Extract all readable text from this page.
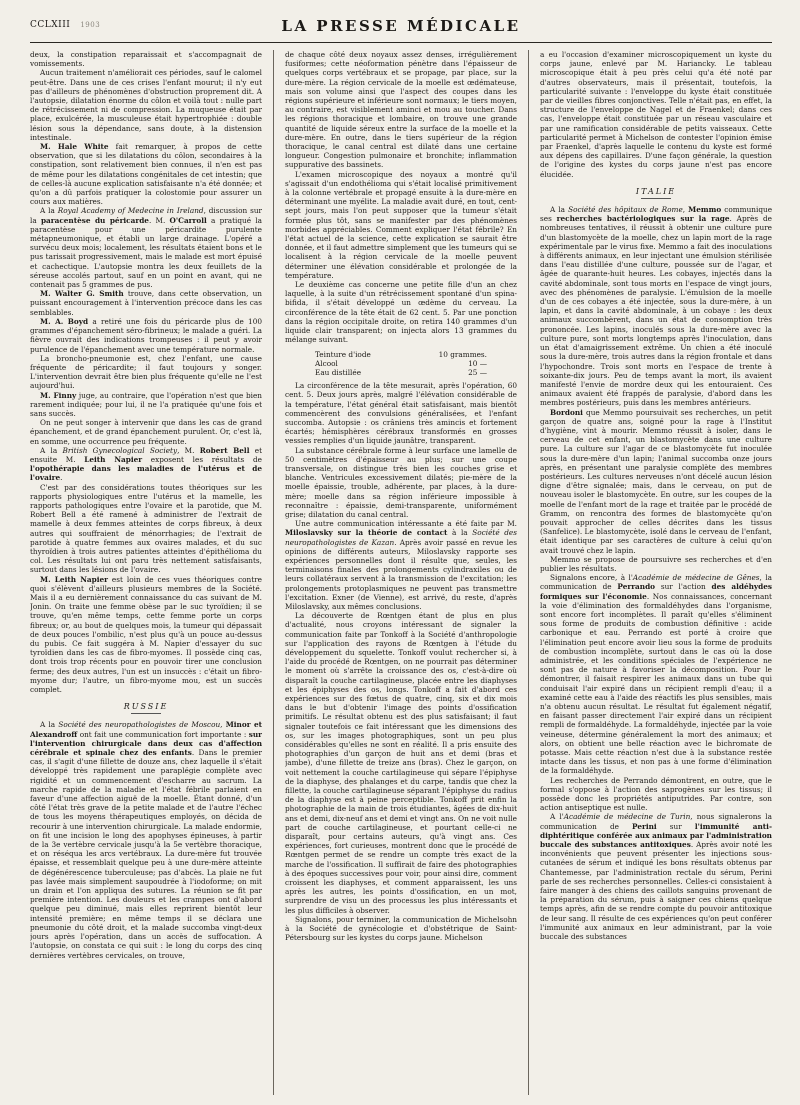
CCLXIII 1903	LA PRESSE MÉDICALE

deux, la constipation reparaissait et s'accompagnait de vomissements.

Aucun traitement n'améliorait ces périodes, sauf le calomel peut-être. Dans une de ces crises l'enfant mourut; il n'y eut pas d'ailleurs de phénomènes d'obstruction proprement dit. A l'autopsie, dilatation énorme du côlon et voilà tout : nulle part de rétrécissement ni de compression. La muqueuse était par place, exulcérée, la musculeuse était hypertrophiée : double lésion sous la dépendance, sans doute, à la distension intestinale.

M. Hale White fait remarquer, à propos de cette observation, que si les dilatations du côlon, secondaires à la constipation, sont relativement bien connues, il n'en est pas de même pour les dilatations congénitales de cet intestin; que de celles-là aucune explication satisfaisante n'a été donnée; et qu'on a dû parfois pratiquer la colostomie pour assurer un cours aux matières.

A la Royal Academy of Medecine in Ireland, discussion sur la paracentèse du péricarde. M. O'Carroll a pratiqué la paracentèse pour une péricardite purulente métapneumonique, et établi un large drainage. L'opéré a survécu deux mois; localement, les résultats étaient bons et le pus tarissait progressivement, mais le malade est mort épuisé et cachectique. L'autopsie montra les deux feuillets de la séreuse accolés partout, sauf en un point en avant, qui ne contenait pas 5 grammes de pus.

M. Walter G. Smith trouve, dans cette observation, un puissant encouragement à l'intervention précoce dans les cas semblables.

M. A. Boyd a retiré une fois du péricarde plus de 100 grammes d'épanchement séro-fibrineux; le malade a guéri. La fièvre ouvrait des indications trompeuses : il peut y avoir purulence de l'épanchement avec une température normale.

La broncho-pneumonie est, chez l'enfant, une cause fréquente de péricardite; il faut toujours y songer. L'intervention devrait être bien plus fréquente qu'elle ne l'est aujourd'hui.

M. Finny juge, au contraire, que l'opération n'est que bien rarement indiquée; pour lui, il ne l'a pratiquée qu'une fois et sans succès.

On ne peut songer à intervenir que dans les cas de grand épanchement, et de grand épanchement purulent. Or, c'est là, en somme, une occurrence peu fréquente.

A la British Gynecological Society, M. Robert Bell et ensuite M. Leith Napier exposent les résultats de l'opothérapie dans les maladies de l'utérus et de l'ovaire.

C'est par des considérations toutes théoriques sur les rapports physiologiques entre l'utérus et la mamelle, les rapports pathologiques entre l'ovaire et la parotide, que M. Robert Bell a été ramené à administrer de l'extrait de mamelle à deux femmes atteintes de corps fibreux, à deux autres qui souffraient de ménorrhagies; de l'extrait de parotide à quatre femmes aux ovaires malades, et du suc thyroïdien à trois autres patientes atteintes d'épithélioma du col. Les résultats lui ont paru très nettement satisfaisants, surtout dans les lésions de l'ovaire.

M. Leith Napier est loin de ces vues théoriques contre quoi s'élèvent d'ailleurs plusieurs membres de la Société. Mais il a eu dernièrement connaissance du cas suivant de M. Jonin. On traite une femme obèse par le suc tyroïdien; il se trouve, qu'en même temps, cette femme porte un corps fibreux; or, au bout de quelques mois, la tumeur qui dépassait de deux pouces l'ombilic, n'est plus qu'à un pouce au-dessus du pubis. Ce fait suggéra à M. Napier d'essayer du suc tyroïdien dans les cas de fibro-myomes. Il possède cinq cas, dont trois trop récents pour en pouvoir tirer une conclusion ferme; des deux autres, l'un est un insuccès : c'était un fibro-myome dur; l'autre, un fibro-myome mou, est un succès complet.

RUSSIE

A la Société des neuropathologistes de Moscou, Minor et Alexandroff ont fait une communication fort importante : sur l'intervention chirurgicale dans deux cas d'affection cérébrale et spinale chez des enfants. Dans le premier cas, il s'agit d'une fillette de douze ans, chez laquelle il s'était développé très rapidement une paraplégie complète avec rigidité et un commencement d'escharre au sacrum. La marche rapide de la maladie et l'état fébrile parlaient en faveur d'une affection aiguë de la moelle. Étant donné, d'un côté l'état très grave de la petite malade et de l'autre l'échec de tous les moyens thérapeutiques employés, on décida de recourir à une intervention chirurgicale. La malade endormie, on fit une incision le long des apophyses épineuses, à partir de la 3e vertèbre cervicale jusqu'à la 5e vertèbre thoracique, et on réséqua les arcs vertébraux. La dure-mère fut trouvée épaisse, et ressemblait quelque peu à une dure-mère atteinte de dégénérescence tuberculeuse; pas d'abcès. La plaie ne fut pas lavée mais simplement saupoudrée à l'iodoforme; on mit un drain et l'on appliqua des sutures. La réunion se fit par première intention. Les douleurs et les crampes ont d'abord quelque peu diminué, mais elles reprirent bientôt leur intensité première; en même temps il se déclara une pneumonie du côté droit, et la malade succomba vingt-deux jours après l'opération, dans un accès de suffocation. A l'autopsie, on constata ce qui suit : le long du corps des cinq dernières vertèbres cervicales, on trouve,

de chaque côté deux noyaux assez denses, irrégulièrement fusiformes; cette néoformation pénètre dans l'épaisseur de quelques corps vertébraux et se propage, par place, sur la dure-mère. La région cervicale de la moelle est œdémateuse, mais son volume ainsi que l'aspect des coupes dans les régions supérieure et inférieure sont normaux; le tiers moyen, au contraire, est visiblement aminci et mou au toucher. Dans les régions thoracique et lombaire, on trouve une grande quantité de liquide séreux entre la surface de la moelle et la dure-mère. En outre, dans le tiers supérieur de la région thoracique, le canal central est dilaté dans une certaine longueur. Congestion pulmonaire et bronchite; inflammation suppurative des bassinets.

L'examen microscopique des noyaux a montré qu'il s'agissait d'un endothélioma qui s'était localisé primitivement à la colonne vertébrale et propagé ensuite à la dure-mère en déterminant une myélite. La maladie avait duré, en tout, cent-sept jours, mais l'on peut supposer que la tumeur s'était formée plus tôt, sans se manifester par des phénomènes morbides appréciables. Comment expliquer l'état fébrile? En l'état actuel de la science, cette explication se saurait être donnée, et il faut admettre simplement que les tumeurs qui se localisent à la région cervicale de la moelle peuvent déterminer une élévation considérable et prolongée de la température.

Le deuxième cas concerne une petite fille d'un an chez laquelle, à la suite d'un rétrécissement spontané d'un spina-bifida, il s'était développé un œdème du cerveau. La circonférence de la tête était de 62 cent. 5. Par une ponction dans la région occipitale droite, on retira 140 grammes d'un liquide clair transparent; on injecta alors 13 grammes du mélange suivant.

Teinture d'iode	10 grammes.
Alcool	10 —
Eau distillée	25 —

La circonférence de la tête mesurait, après l'opération, 60 cent. 5. Deux jours après, malgré l'élévation considérable de la température, l'état général était satisfaisant, mais bientôt commencèrent des convulsions généralisées, et l'enfant succomba. Autopsie : os crâniens très amincis et fortement écartés; hémisphères cérébraux transformés en grosses vessies remplies d'un liquide jaunâtre, transparent.

La substance cérébrale forme à leur surface une lamelle de 50 centimètres d'épaisseur au plus; sur une coupe transversale, on distingue très bien les couches grise et blanche. Ventricules excessivement dilatés; pie-mère de la moelle épaissie, trouble, adhérente, par places, à la dure-mère; moelle dans sa région inférieure impossible à reconnaître : épaissie, demi-transparente, uniformément grise; dilatation du canal central.

Une autre communication intéressante a été faite par M. Miloslavsky sur la théorie de contact à la Société des neuropathologistes de Kazan. Après avoir passé en revue les opinions de différents auteurs, Miloslavsky rapporte ses expériences personnelles dont il résulte que, seules, les terminaisons finales des prolongements cylindraxiles ou de leurs collatéraux servent à la transmission de l'excitation; les prolongements protoplasmiques ne peuvent pas transmettre l'excitation. Exner (de Vienne), est arrivé, du reste, d'après Miloslavsky, aux mêmes conclusions.

La découverte de Rœntgen étant de plus en plus d'actualité, nous croyons intéressant de signaler la communication faite par Tonkoff à la Société d'anthropologie sur l'application des rayons de Rœntgen à l'étude du développement du squelette. Tonkoff voulut rechercher si, à l'aide du procédé de Rœntgen, on ne pourrait pas déterminer le moment où s'arrête la croissance des os, c'est-à-dire où disparaît la couche cartilagineuse, placée entre les diaphyses et les épiphyses des os, longs. Tonkoff a fait d'abord ces expériences sur des fœtus de quatre, cinq, six et dix mois dans le but d'obtenir l'image des points d'ossification primitifs. Le résultat obtenu est des plus satisfaisant; il faut signaler toutefois ce fait intéressant que les dimensions des os, sur les images photographiques, sont un peu plus considérables qu'elles ne sont en réalité. Il a pris ensuite des photographies d'un garçon de huit ans et demi (bras et jambe), d'une fillette de treize ans (bras). Chez le garçon, on voit nettement la couche cartilagineuse qui sépare l'épiphyse de la diaphyse, des phalanges et du carpe, tandis que chez la fillette, la couche cartilagineuse séparant l'épiphyse du radius de la diaphyse est à peine perceptible. Tonkoff prit enfin la photographie de la main de trois étudiantes, âgées de dix-huit ans et demi, dix-neuf ans et demi et vingt ans. On ne voit nulle part de couche cartilagineuse, et pourtant celle-ci ne disparaît, pour certains auteurs, qu'à vingt ans. Ces expériences, fort curieuses, montrent donc que le procédé de Rœntgen permet de se rendre un compte très exact de la marche de l'ossification. Il suffirait de faire des photographies à des époques successives pour voir, pour ainsi dire, comment croissent les diaphyses, et comment apparaissent, les uns après les autres, les points d'ossification, en un mot, surprendre de visu un des processus les plus intéressants et les plus difficiles à observer.

Signalons, pour terminer, la communication de Michelsohn à la Société de gynécologie et d'obstétrique de Saint-Pétersbourg sur les kystes du corps jaune. Michelson

a eu l'occasion d'examiner microscopiquement un kyste du corps jaune, enlevé par M. Hariancky. Le tableau microscopique était à peu près celui qu'a été noté par d'autres observateurs, mais il présentait, toutefois, la particularité suivante : l'enveloppe du kyste était constituée par de vieilles fibres conjonctives. Telle n'était pas, en effet, la structure de l'enveloppe de Nagel et de Fraenkel; dans ces cas, l'enveloppe était constituée par un réseau vasculaire et par une ramification considérable de petits vaisseaux. Cette particularité permet à Michelson de contester l'opinion émise par Fraenkel, d'après laquelle le contenu du kyste est formé aux dépens des capillaires. D'une façon générale, la question de l'origine des kystes du corps jaune n'est pas encore élucidée.

ITALIE

A la Société des hôpitaux de Rome, Memmo communique ses recherches bactériologiques sur la rage. Après de nombreuses tentatives, il réussit à obtenir une culture pure d'un blastomycète de la moelle, chez un lapin mort de la rage expérimentale par le virus fixe. Memmo a fait des inoculations à différents animaux, en leur injectant une émulsion stérilisée dans l'eau distillée d'une culture, poussée sur de l'agar, et âgée de quarante-huit heures. Les cobayes, injectés dans la cavité abdominale, sont tous morts en l'espace de vingt jours, avec des phénomènes de paralysie. L'émulsion de la moelle d'un de ces cobayes a été injectée, sous la dure-mère, à un lapin, et dans la cavité abdominale, à un cobaye : les deux animaux succombèrent, dans un état de consomption très prononcée. Les lapins, inoculés sous la dure-mère avec la culture pure, sont morts longtemps après l'inoculation, dans un état d'amaigrissement extrême. Un chien a été inoculé sous la dure-mère, trois autres dans la région frontale et dans l'hypochondre. Trois sont morts en l'espace de trente à soixante-dix jours. Peu de temps avant la mort, ils avaient manifesté l'envie de mordre deux qui les entouraient. Ces animaux avaient été frappés de paralysie, d'abord dans les membres postérieurs, puis dans les membres antérieurs.

Bordoni que Memmo poursuivait ses recherches, un petit garçon de quatre ans, soigné pour la rage à l'Institut d'hygiène, vint à mourir. Memmo réussit à isoler, dans le cerveau de cet enfant, un blastomycète dans une culture pure. La culture sur l'agar de ce blastomycète fut inoculée sous la dure-mère d'un lapin; l'animal succomba onze jours après, en présentant une paralysie complète des membres postérieurs. Les cultures nerveuses n'ont décelé aucun lésion digne d'être signalée; mais, dans le cerveau, on put de nouveau isoler le blastomycète. En outre, sur les coupes de la moelle de l'enfant mort de la rage et traitée par le procédé de Gramm, on rencontra des formes de blastomycète qu'on pouvait approcher de celles décrites dans les tissus (Sanfelice). Le blastomycète, isolé dans le cerveau de l'enfant, était identique par ses caractères de culture à celui qu'on avait trouvé chez le lapin.

Memmo se propose de poursuivre ses recherches et d'en publier les résultats.

Signalons encore, à l'Académie de médecine de Gênes, la communication de Perrando sur l'action des aldéhydes formiques sur l'économie. Nos connaissances, concernant la voie d'élimination des formaldéhydes dans l'organisme, sont encore fort incomplètes. Il paraît qu'elles s'éliminent sous forme de produits de combustion définitive : acide carbonique et eau. Perrando est porté à croire que l'élimination peut encore avoir lieu sous la forme de produits de combustion incomplète, surtout dans le cas où la dose administrée, et les conditions spéciales de l'expérience ne sont pas de nature à favoriser la décomposition. Pour le démontrer, il faisait respirer les animaux dans un tube qui conduisait l'air expiré dans un récipient rempli d'eau; il a examiné cette eau à l'aide des réactifs les plus sensibles, mais n'a obtenu aucun résultat. Le résultat fut également négatif, en faisant passer directement l'air expiré dans un récipient rempli de formaldéhyde. La formaldéhyde, injectée par la voie veineuse, détermine généralement la mort des animaux; et alors, on obtient une belle réaction avec le bichromate de potasse. Mais cette réaction n'est due à la substance restée intacte dans les tissus, et non pas à une forme d'élimination de la formaldéhyde.

Les recherches de Perrando démontrent, en outre, que le formal s'oppose à l'action des saprogènes sur les tissus; il possède donc les propriétés antiputrides. Par contre, son action antiseptique est nulle.

A l'Académie de médecine de Turin, nous signalerons la communication de Perini sur l'immunité anti-diphtéritique conférée aux animaux par l'administration buccale des substances antitoxiques. Après avoir noté les inconvénients que peuvent présenter les injections sous-cutanées de sérum et indiqué les bons résultats obtenus par Chantemesse, par l'administration rectale du sérum, Perini parle de ses recherches personnelles. Celles-ci consistaient à faire manger à des chiens des caillots sanguins provenant de la préparation du sérum, puis à saigner ces chiens quelque temps après, afin de se rendre compte du pouvoir antitoxique de leur sang. Il résulte de ces expériences qu'on peut conférer l'immunité aux animaux en leur administrant, par la voie buccale des substances
